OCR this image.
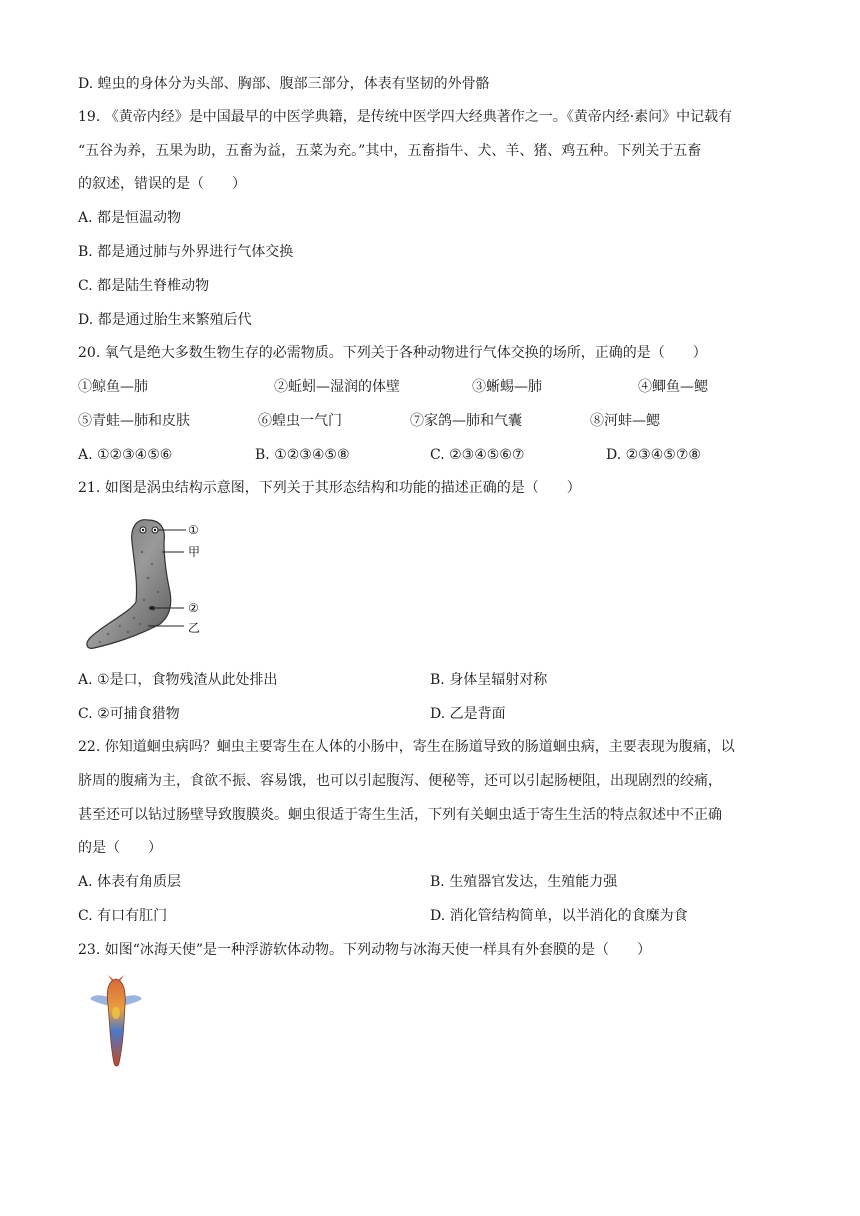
D. 蝗虫的身体分为头部、胸部、腹部三部分，体表有坚韧的外骨骼
19. 《黄帝内经》是中国最早的中医学典籍，是传统中医学四大经典著作之一。《黄帝内经·素问》中记载有
“五谷为养，五果为助，五畜为益，五菜为充。”其中，五畜指牛、犬、羊、猪、鸡五种。下列关于五畜
的叙述，错误的是（　　）
A. 都是恒温动物
B. 都是通过肺与外界进行气体交换
C. 都是陆生脊椎动物
D. 都是通过胎生来繁殖后代
20. 氧气是绝大多数生物生存的必需物质。下列关于各种动物进行气体交换的场所，正确的是（　　）
①鲸鱼—肺	②蚯蚓—湿润的体壁	③蜥蜴—肺	④鲫鱼—鳃
⑤青蛙—肺和皮肤	⑥蝗虫一气门	⑦家鸽—肺和气囊	⑧河蚌—鳃
A. ①②③④⑤⑥	B. ①②③④⑤⑧	C. ②③④⑤⑥⑦	D. ②③④⑤⑦⑧
21. 如图是涡虫结构示意图，下列关于其形态结构和功能的描述正确的是（　　）
①
甲
②
乙
A. ①是口，食物残渣从此处排出	B. 身体呈辐射对称
C. ②可捕食猎物	D. 乙是背面
22. 你知道蛔虫病吗？蛔虫主要寄生在人体的小肠中，寄生在肠道导致的肠道蛔虫病，主要表现为腹痛，以
脐周的腹痛为主，食欲不振、容易饿，也可以引起腹泻、便秘等，还可以引起肠梗阻，出现剧烈的绞痛，
甚至还可以钻过肠壁导致腹膜炎。蛔虫很适于寄生生活，下列有关蛔虫适于寄生生活的特点叙述中不正确
的是（　　）
A. 体表有角质层	B. 生殖器官发达，生殖能力强
C. 有口有肛门	D. 消化管结构简单，以半消化的食糜为食
23. 如图“冰海天使”是一种浮游软体动物。下列动物与冰海天使一样具有外套膜的是（　　）
